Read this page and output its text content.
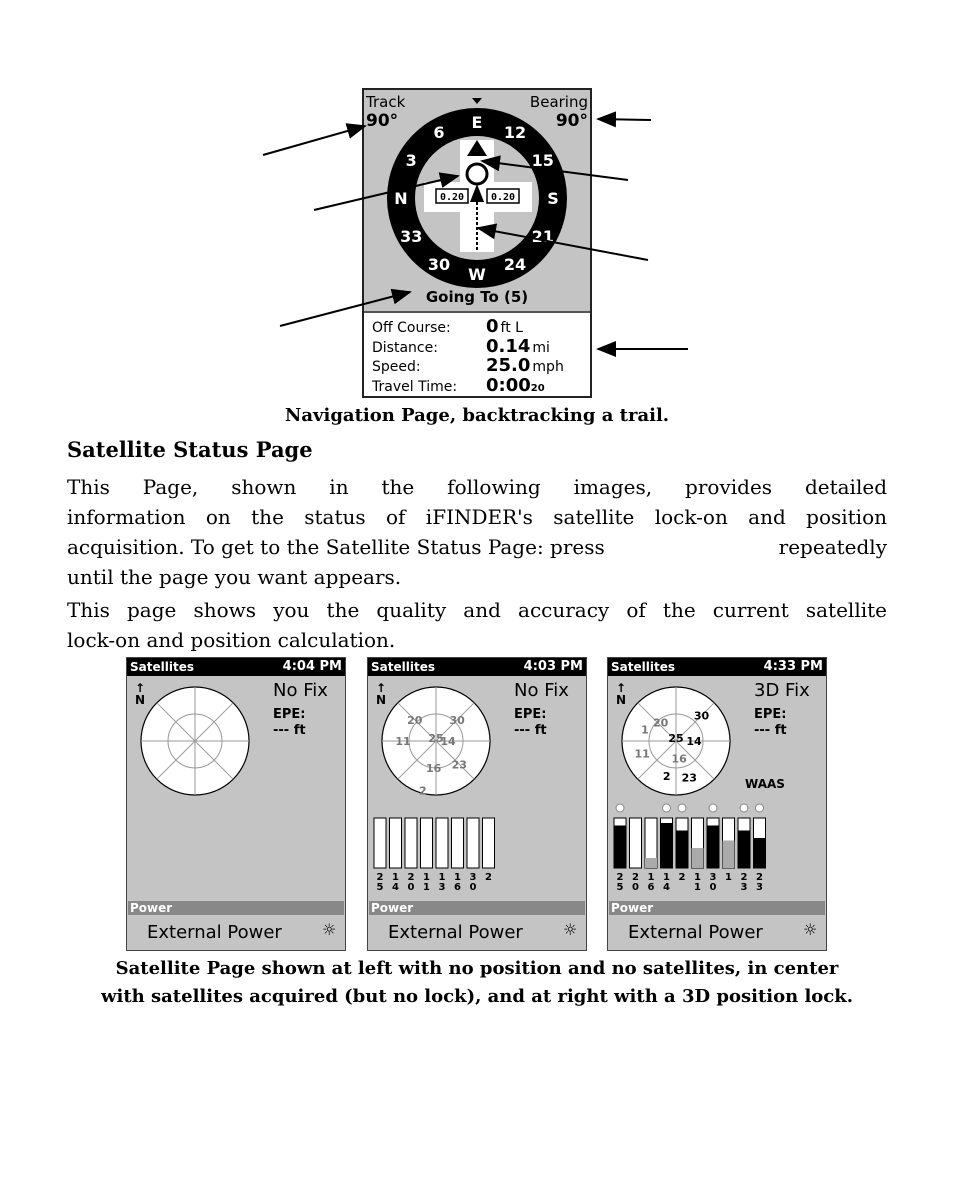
0.20	0.20
E
12
15
S
21
24
W
30
33
N
3
6
Track
90°
Bearing
90°
Going To (5)
Off Course:	0 ft L
Distance:	0.14 mi
Speed:	25.0 mph
Travel Time:	$0:00_{20}$
Navigation Page, backtracking a trail.
Satellite Status Page
This Page, shown in the following images, provides detailed
information on the status of iFINDER's satellite lock-on and position
acquisition. To get to the Satellite Status Page: press	repeatedly
until the page you want appears.
This page shows you the quality and accuracy of the current satellite
lock-on and position calculation.
Satellites	4:04 PM
↑
N	No Fix
EPE:
--- ft
Power
External Power	☼
20 30
25
14
11
23
16
2
2
5
1
4
2
0
1
1
1
3
1
6
3
0
2
Satellites	4:03 PM
↑
N	No Fix
EPE:
--- ft
Power
External Power	☼
1
20
30
25 14
11 16
2 23
2
5
2
0
1
6
1
4
2 1
1
3
0
1 2
3
2
3
Satellites	4:33 PM
↑
N	3D Fix
EPE:
--- ft
WAAS
Power
External Power	☼
Satellite Page shown at left with no position and no satellites, in center
with satellites acquired (but no lock), and at right with a 3D position lock.
